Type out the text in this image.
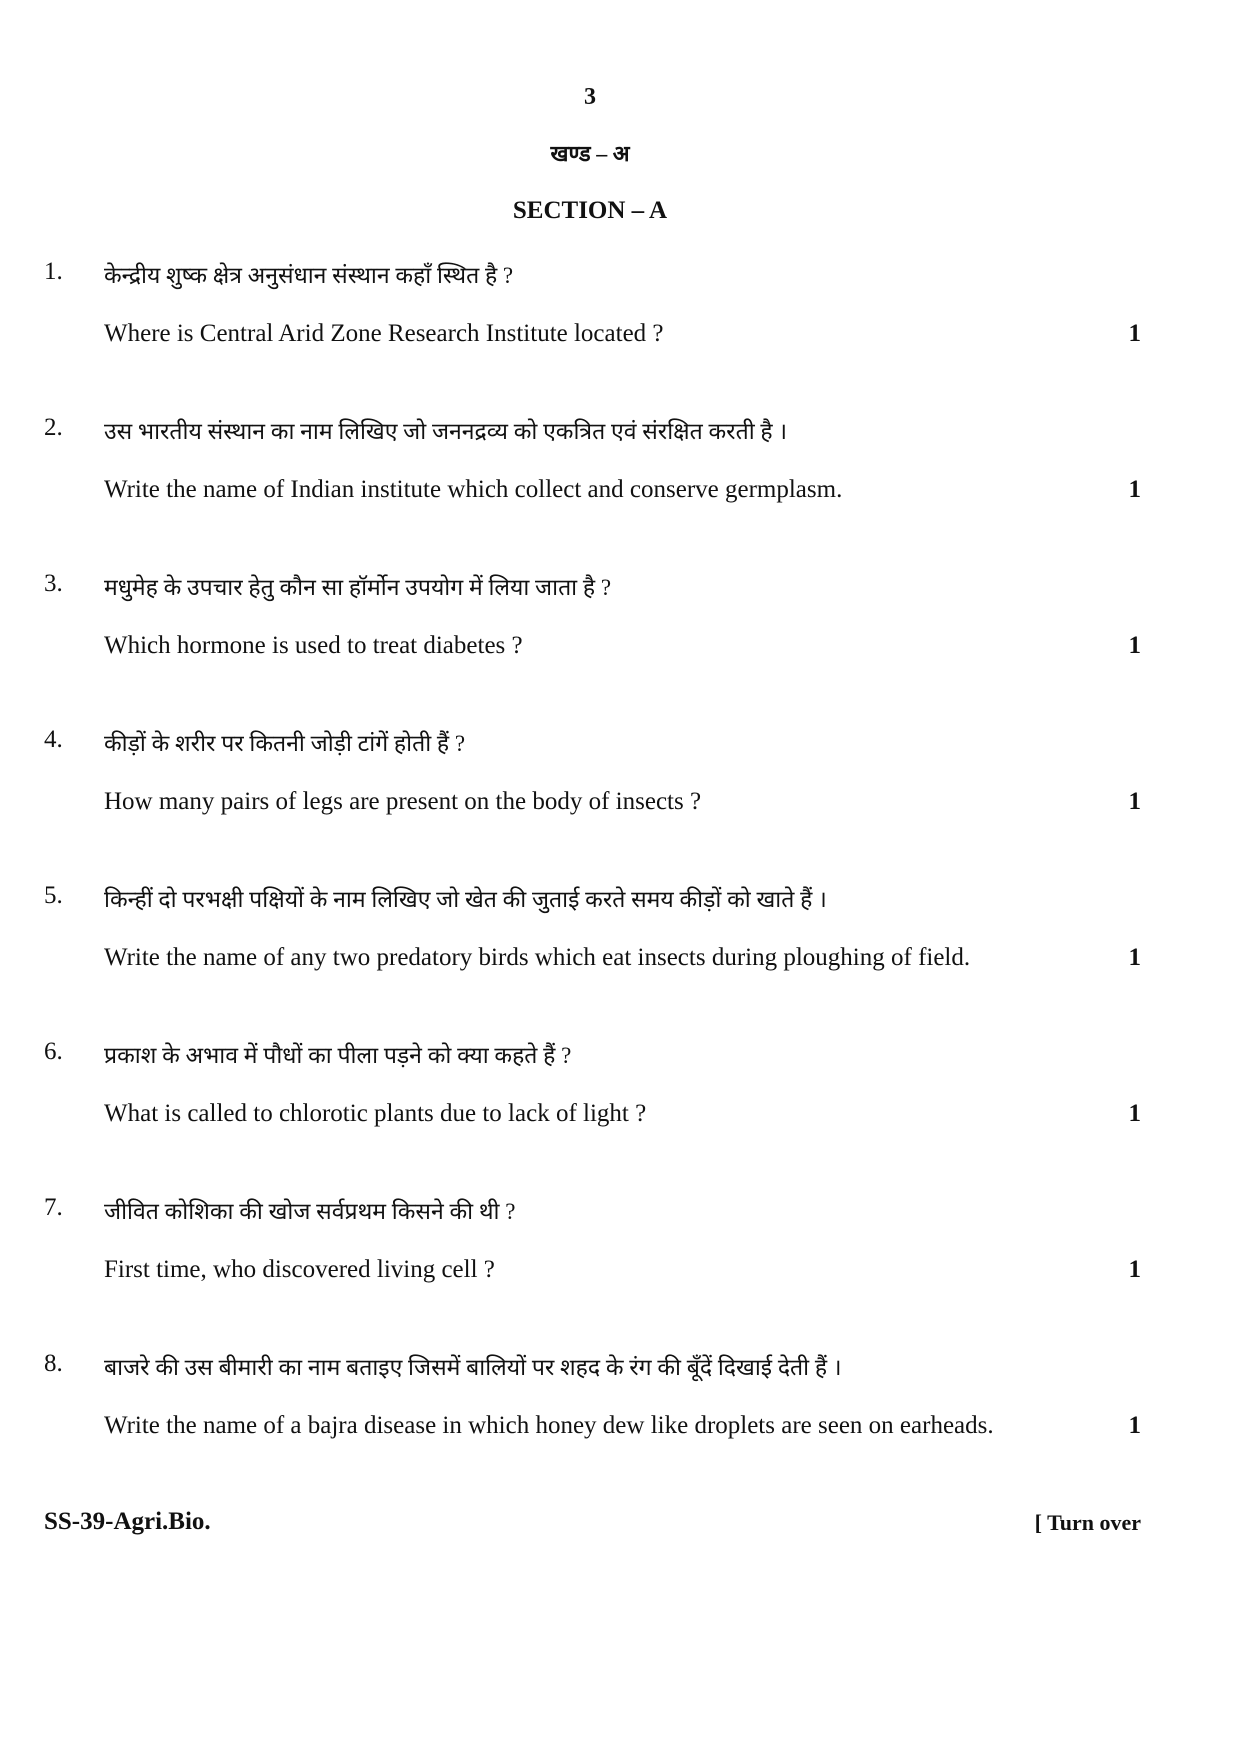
3
खण्ड – अ
SECTION – A
1. केन्द्रीय शुष्क क्षेत्र अनुसंधान संस्थान कहाँ स्थित है ?
Where is Central Arid Zone Research Institute located ?	1
2. उस भारतीय संस्थान का नाम लिखिए जो जननद्रव्य को एकत्रित एवं संरक्षित करती है ।
Write the name of Indian institute which collect and conserve germplasm.	1
3. मधुमेह के उपचार हेतु कौन सा हॉर्मोन उपयोग में लिया जाता है ?
Which hormone is used to treat diabetes ?	1
4. कीड़ों के शरीर पर कितनी जोड़ी टांगें होती हैं ?
How many pairs of legs are present on the body of insects ?	1
5. किन्हीं दो परभक्षी पक्षियों के नाम लिखिए जो खेत की जुताई करते समय कीड़ों को खाते हैं ।
Write the name of any two predatory birds which eat insects during ploughing of field.	1
6. प्रकाश के अभाव में पौधों का पीला पड़ने को क्या कहते हैं ?
What is called to chlorotic plants due to lack of light ?	1
7. जीवित कोशिका की खोज सर्वप्रथम किसने की थी ?
First time, who discovered living cell ?	1
8. बाजरे की उस बीमारी का नाम बताइए जिसमें बालियों पर शहद के रंग की बूँदें दिखाई देती हैं ।
Write the name of a bajra disease in which honey dew like droplets are seen on earheads.	1
SS-39-Agri.Bio.	[ Turn over
